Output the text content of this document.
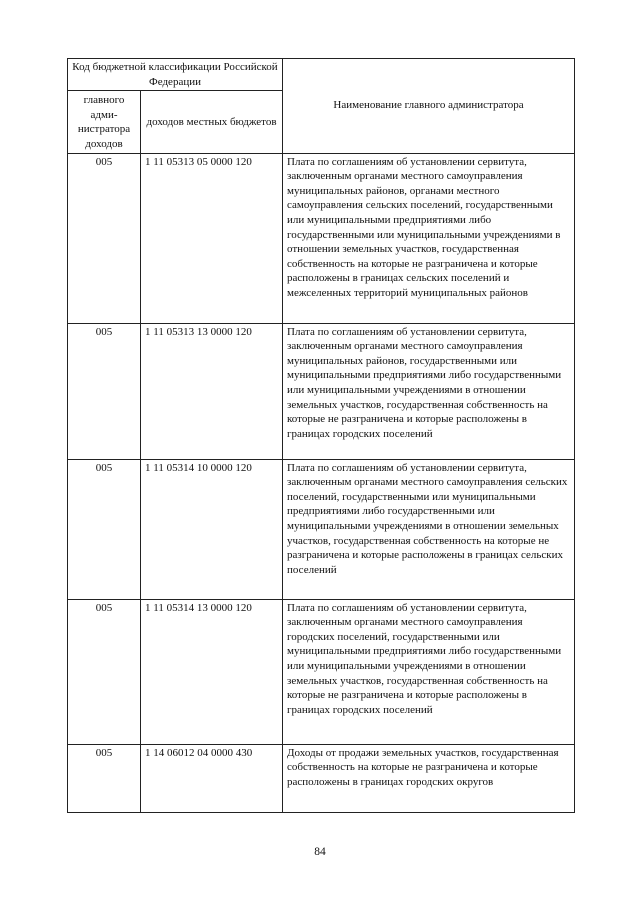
Код бюджетной классификации Российской Федерации		Наименование главного администратора
главного адми-нистратора доходов	доходов местных бюджетов	
005	1 11 05313 05 0000 120	Плата по соглашениям об установлении сервитута, заключенным органами местного самоуправления муниципальных районов, органами местного самоуправления сельских поселений, государственными или муниципальными предприятиями либо государственными или муниципальными учреждениями в отношении земельных участков, государственная собственность на которые не разграничена и которые расположены в границах сельских поселений и межселенных территорий муниципальных районов
005	1 11 05313 13 0000 120	Плата по соглашениям об установлении сервитута, заключенным органами местного самоуправления муниципальных районов, государственными или муниципальными предприятиями либо государственными или муниципальными учреждениями в отношении земельных участков, государственная собственность на которые не разграничена и которые расположены в границах городских поселений
005	1 11 05314 10 0000 120	Плата по соглашениям об установлении сервитута, заключенным органами местного самоуправления сельских поселений, государственными или муниципальными предприятиями либо государственными или муниципальными учреждениями в отношении земельных участков, государственная собственность на которые не разграничена и которые расположены в границах сельских поселений
005	1 11 05314 13 0000 120	Плата по соглашениям об установлении сервитута, заключенным органами местного самоуправления городских поселений, государственными или муниципальными предприятиями либо государственными или муниципальными учреждениями в отношении земельных участков, государственная собственность на которые не разграничена и которые расположены в границах городских поселений
005	1 14 06012 04 0000 430	Доходы от продажи земельных участков, государственная собственность на которые не разграничена и которые расположены в границах городских округов
84
